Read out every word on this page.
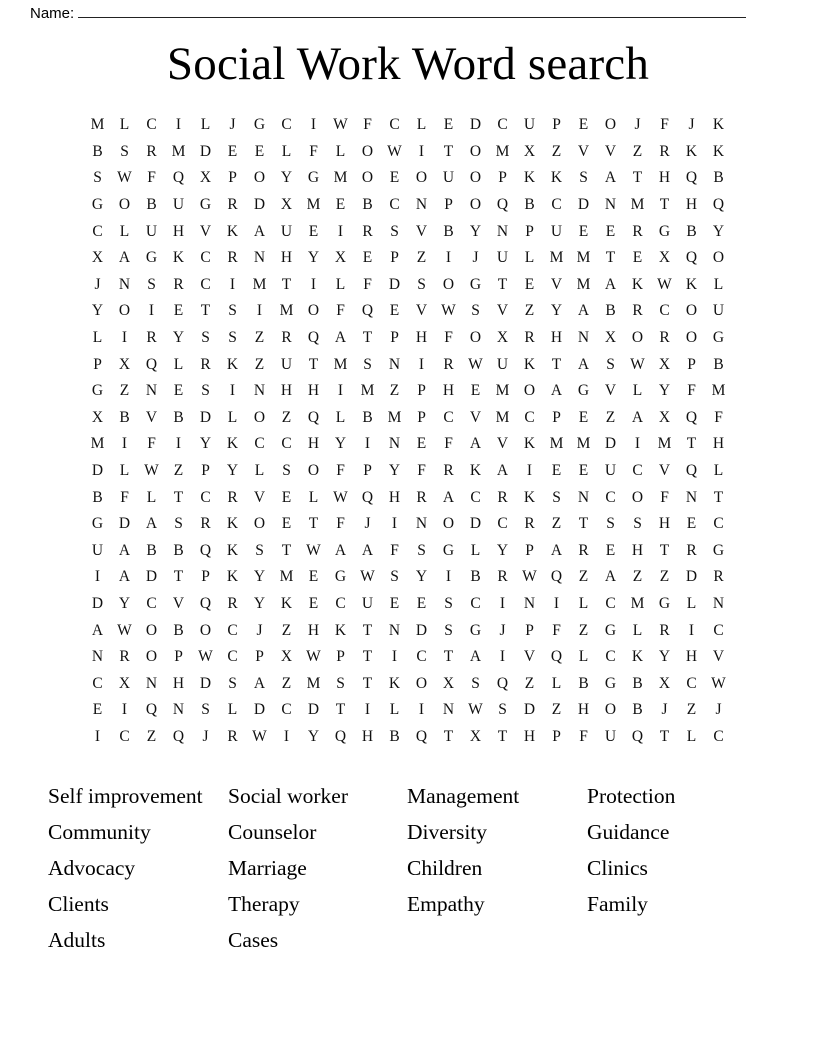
Name:
Social Work Word search
M L	C	I	L	J	G	C	I	W F	C	L	E	D	C	U	P	E	O	J	F	J	K
B	S	R M D	E	E	L	F	L	O W	I	T	O M X	Z	V	V	Z	R	K	K
S W F	Q	X	P	O	Y	G M O	E	O	U	O	P	K	K	S	A	T	H	Q	B
G	O	B	U	G	R	D	X M E	B	C	N	P	O	Q	B	C	D	N M T	H	Q
C	L	U	H	V	K	A	U	E	I	R	S	V	B	Y	N	P	U	E	E	R	G	B	Y
X	A	G	K	C	R	N	H	Y	X	E	P	Z	I	J	U	L M M T	E	X	Q	O
J	N	S	R	C	I	M T	I	L	F	D	S	O	G	T	E	V M A	K W K	L
Y	O	I	E	T	S	I	M O	F	Q	E	V W S	V	Z	Y	A	B	R	C	O	U
L	I	R	Y	S	S	Z	R	Q	A	T	P	H	F	O	X	R	H	N	X	O	R	O	G
P	X	Q	L	R	K	Z	U	T M	S	N	I	R W U	K	T	A	S W X	P	B
G	Z	N	E	S	I	N	H	H	I	M Z	P	H	E M O	A	G	V	L	Y	F	M
X	B	V	B	D	L	O	Z	Q	L	B M	P	C	V M C	P	E	Z	A	X	Q	F
M	I	F	I	Y	K	C	C	H	Y	I	N	E	F	A	V	K M M D	I	M T	H
D	L W Z	P	Y	L	S	O	F	P	Y	F	R	K	A	I	E	E	U	C	V	Q	L
B	F	L	T	C	R	V	E	L W Q	H	R	A	C	R	K	S	N	C	O	F	N	T
G	D	A	S	R	K	O	E	T	F	J	I	N	O	D	C	R	Z	T	S	S	H	E	C
U	A	B	B	Q	K	S	T W A	A	F	S	G	L	Y	P	A	R	E	H	T	R	G
I	A	D	T	P	K	Y M E	G W S	Y	I	B	R W Q	Z	A	Z	Z	D	R
D	Y	C	V	Q	R	Y	K	E	C	U	E	E	S	C	I	N	I	L	C M G	L	N
A W O	B	O	C	J	Z	H	K	T	N	D	S	G	J	P	F	Z	G	L	R	I	C
N	R	O	P W C	P	X W P	T	I	C	T	A	I	V	Q	L	C	K	Y	H	V
C	X	N	H	D	S	A	Z M	S	T	K	O	X	S	Q	Z	L	B	G	B	X	C W
E	I	Q	N	S	L	D	C	D	T	I	L	I	N W S	D	Z	H	O	B	J	Z	J
I	C	Z	Q	J	R W	I	Y	Q	H	B	Q	T	X	T	H	P	F	U	Q	T	L	C
Self improvement	Social worker	Management	Protection
Community	Counselor	Diversity	Guidance
Advocacy	Marriage	Children	Clinics
Clients	Therapy	Empathy	Family
Adults	Cases
